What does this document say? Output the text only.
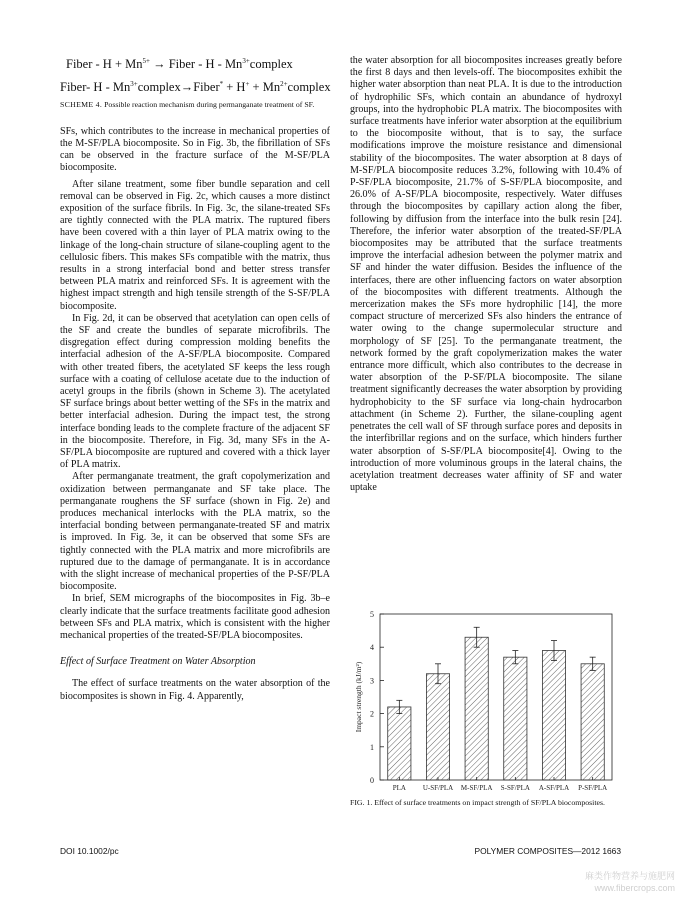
Fiber - $H + Mn^{5+}$ → Fiber - H - $Mn^{3+}complex$
Fiber- $H - Mn^{3+}complex\to Fiber^* + H^+$ + $Mn^{2+}complex$
SCHEME 4. Possible reaction mechanism during permanganate treatment of SF.

SFs, which contributes to the increase in mechanical properties of the M-SF/PLA biocomposite. So in Fig. 3b, the fibrillation of SFs can be observed in the fracture surface of the M-SF/PLA biocomposite.

After silane treatment, some fiber bundle separation and cell removal can be observed in Fig. 2c, which causes a more distinct exposition of the surface fibrils. In Fig. 3c, the silane-treated SFs are tightly connected with the PLA matrix. The ruptured fibers have been covered with a thin layer of PLA matrix owing to the linkage of the long-chain structure of silane-coupling agent to the cellulosic fibers. This makes SFs compatible with the matrix, thus results in a strong interfacial bond and better stress transfer between PLA matrix and reinforced SFs. It is agreement with the highest impact strength and high tensile strength of the S-SF/PLA biocomposite.

In Fig. 2d, it can be observed that acetylation can open cells of the SF and create the bundles of separate microfibrils. The disgregation effect during compression molding benefits the interfacial adhesion of the A-SF/PLA biocomposite. Compared with other treated fibers, the acetylated SF keeps the less rough surface with a coating of cellulose acetate due to the induction of acetyl groups in the fibrils (shown in Scheme 3). The acetylated SF surface brings about better wetting of the SFs in the matrix and better interfacial adhesion. During the impact test, the strong interface bonding leads to the complete fracture of the adjacent SF in the biocomposite. Therefore, in Fig. 3d, many SFs in the A-SF/PLA biocomposite are ruptured and covered with a thick layer of PLA matrix.

After permanganate treatment, the graft copolymerization and oxidization between permanganate and SF take place. The permanganate roughens the SF surface (shown in Fig. 2e) and produces mechanical interlocks with the PLA matrix, so the interfacial bonding between permanganate-treated SF and matrix is improved. In Fig. 3e, it can be observed that some SFs are tightly connected with the PLA matrix and more microfibrils are ruptured due to the damage of permanganate. It is in accordance with the slight increase of mechanical properties of the P-SF/PLA biocomposite.

In brief, SEM micrographs of the biocomposites in Fig. 3b–e clearly indicate that the surface treatments facilitate good adhesion between SFs and PLA matrix, which is consistent with the higher mechanical properties of the treated-SF/PLA biocomposites.

Effect of Surface Treatment on Water Absorption

The effect of surface treatments on the water absorption of the biocomposites is shown in Fig. 4. Apparently,

the water absorption for all biocomposites increases greatly before the first 8 days and then levels-off. The biocomposites exhibit the higher water absorption than neat PLA. It is due to the introduction of hydrophilic SFs, which contain an abundance of hydroxyl groups, into the hydrophobic PLA matrix. The biocomposites with surface treatments have inferior water absorption at the equilibrium to the biocomposite without, that is to say, the surface modifications improve the moisture resistance and dimensional stability of the biocomposites. The water absorption at 8 days of M-SF/PLA biocomposite reduces 3.2%, following with 10.4% of P-SF/PLA biocomposite, 21.7% of S-SF/PLA biocomposite, and 26.0% of A-SF/PLA biocomposite, respectively. Water diffuses through the biocomposites by capillary action along the fiber, following by diffusion from the interface into the bulk resin [24]. Therefore, the inferior water absorption of the treated-SF/PLA biocomposites may be attributed that the surface treatments improve the interfacial adhesion between the polymer matrix and SF and hinder the water diffusion. Besides the influence of the interfaces, there are other influencing factors on water absorption of the biocomposites with different treatments. Although the mercerization makes the SFs more hydrophilic [14], the more compact structure of mercerized SFs also hinders the entrance of water owing to the change supermolecular structure and morphology of SF [25]. To the permanganate treatment, the network formed by the graft copolymerization makes the water entrance more difficult, which also contributes to the decrease in water absorption of the P-SF/PLA biocomposite. The silane treatment significantly decreases the water absorption by providing hydrophobicity to the SF surface via long-chain hydrocarbon attachment (in Scheme 2). Further, the silane-coupling agent penetrates the cell wall of SF through surface pores and deposits in the interfibrillar regions and on the surface, which hinders further water absorption of S-SF/PLA biocomposite[4]. Owing to the introduction of more voluminous groups in the lateral chains, the acetylation treatment decreases water affinity of SF and water uptake

0
1
2
3
4
5
Impact strength (kJ/m²)
PLA U-SF/PLA M-SF/PLA S-SF/PLA A-SF/PLA P-SF/PLA
FIG. 1. Effect of surface treatments on impact strength of SF/PLA biocomposites.
DOI 10.1002/pc	POLYMER COMPOSITES—2012 1663
麻类作物营养与施肥网
www.fibercrops.com
